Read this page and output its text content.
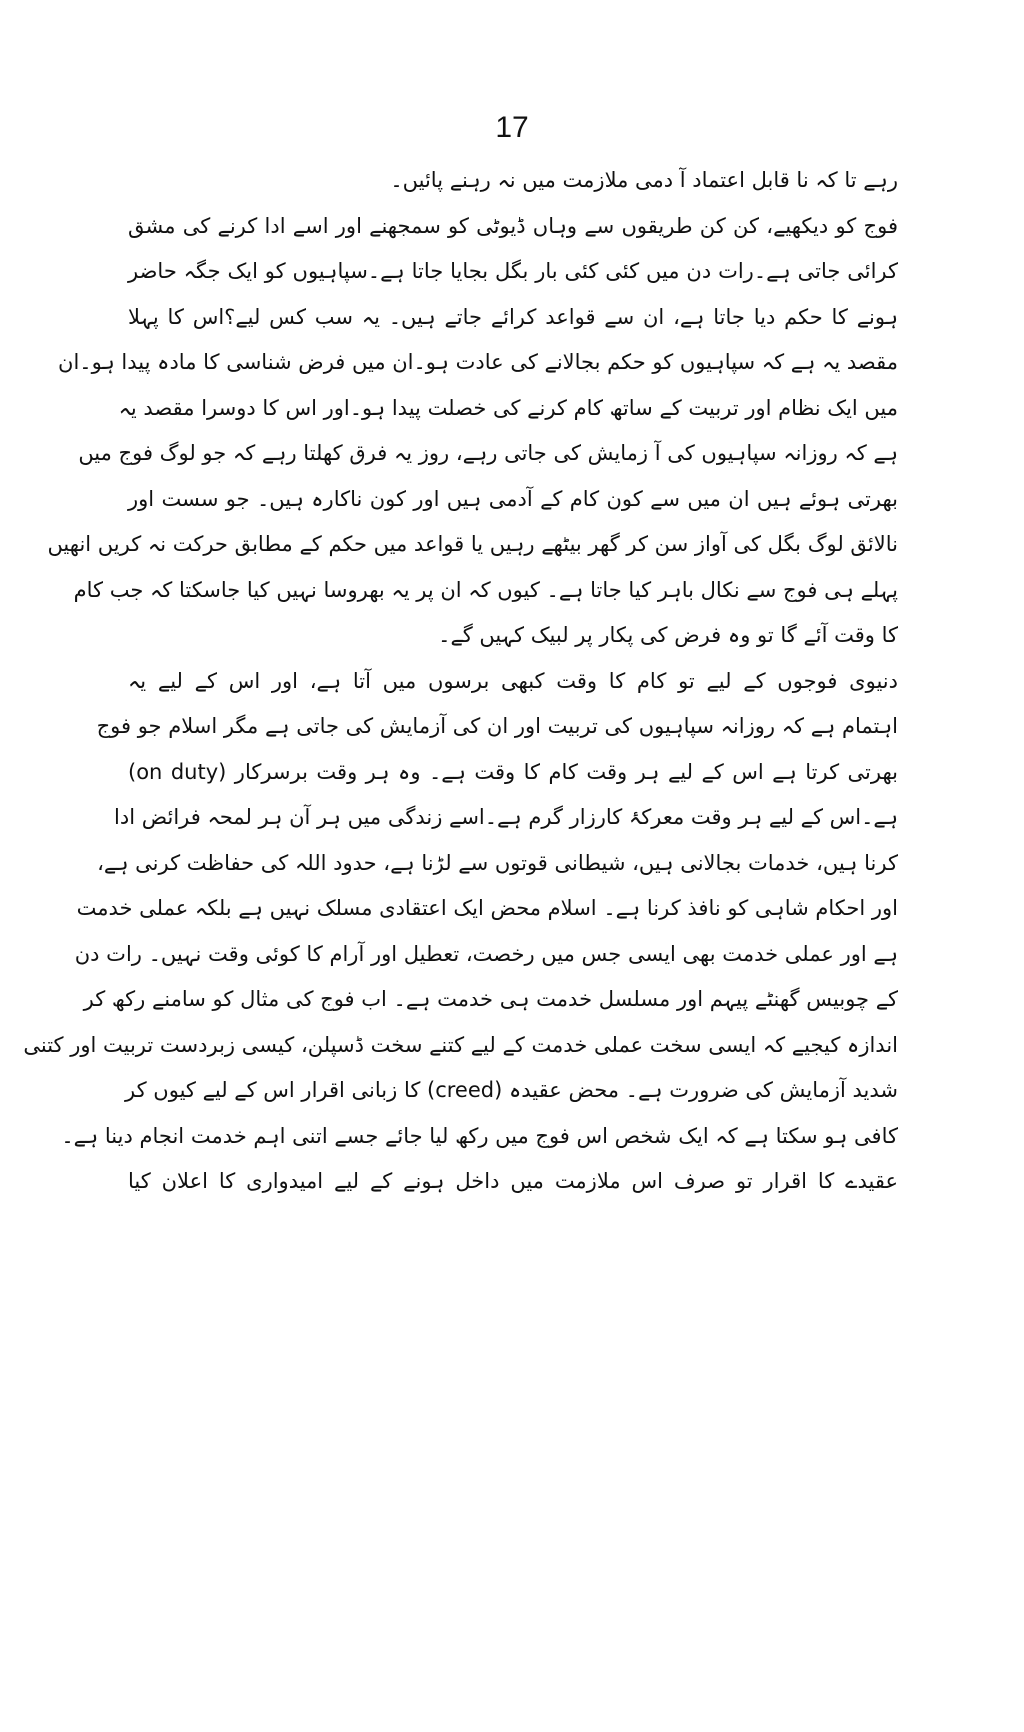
17
رہے تا کہ نا قابل اعتماد آ دمی ملازمت میں نہ رہنے پائیں۔
فوج کو دیکھیے، کن کن طریقوں سے وہاں ڈیوٹی کو سمجھنے اور اسے ادا کرنے کی مشق
کرائی جاتی ہے۔رات دن میں کئی کئی بار بگل بجایا جاتا ہے۔سپاہیوں کو ایک جگہ حاضر
ہونے کا حکم دیا جاتا ہے، ان سے قواعد کرائے جاتے ہیں۔ یہ سب کس لیے؟اس کا پہلا
مقصد یہ ہے کہ سپاہیوں کو حکم بجالانے کی عادت ہو۔ان میں فرض شناسی کا مادہ پیدا ہو۔ان
میں ایک نظام اور تربیت کے ساتھ کام کرنے کی خصلت پیدا ہو۔اور اس کا دوسرا مقصد یہ
ہے کہ روزانہ سپاہیوں کی آ زمایش کی جاتی رہے، روز یہ فرق کھلتا رہے کہ جو لوگ فوج میں
بھرتی ہوئے ہیں ان میں سے کون کام کے آدمی ہیں اور کون ناکارہ ہیں۔ جو سست اور
نالائق لوگ بگل کی آواز سن کر گھر بیٹھے رہیں یا قواعد میں حکم کے مطابق حرکت نہ کریں انھیں
پہلے ہی فوج سے نکال باہر کیا جاتا ہے۔ کیوں کہ ان پر یہ بھروسا نہیں کیا جاسکتا کہ جب کام
کا وقت آئے گا تو وہ فرض کی پکار پر لبیک کہیں گے۔
دنیوی فوجوں کے لیے تو کام کا وقت کبھی برسوں میں آتا ہے، اور اس کے لیے یہ
اہتمام ہے کہ روزانہ سپاہیوں کی تربیت اور ان کی آزمایش کی جاتی ہے مگر اسلام جو فوج
بھرتی کرتا ہے اس کے لیے ہر وقت کام کا وقت ہے۔ وہ ہر وقت برسرکار (on duty)
ہے۔اس کے لیے ہر وقت معرکۂ کارزار گرم ہے۔اسے زندگی میں ہر آن ہر لمحہ فرائض ادا
کرنا ہیں، خدمات بجالانی ہیں، شیطانی قوتوں سے لڑنا ہے، حدود اللہ کی حفاظت کرنی ہے،
اور احکام شاہی کو نافذ کرنا ہے۔ اسلام محض ایک اعتقادی مسلک نہیں ہے بلکہ عملی خدمت
ہے اور عملی خدمت بھی ایسی جس میں رخصت، تعطیل اور آرام کا کوئی وقت نہیں۔ رات دن
کے چوبیس گھنٹے پیہم اور مسلسل خدمت ہی خدمت ہے۔ اب فوج کی مثال کو سامنے رکھ کر
اندازہ کیجیے کہ ایسی سخت عملی خدمت کے لیے کتنے سخت ڈسپلن، کیسی زبردست تربیت اور کتنی
شدید آزمایش کی ضرورت ہے۔ محض عقیدہ (creed) کا زبانی اقرار اس کے لیے کیوں کر
کافی ہو سکتا ہے کہ ایک شخص اس فوج میں رکھ لیا جائے جسے اتنی اہم خدمت انجام دینا ہے۔
عقیدے کا اقرار تو صرف اس ملازمت میں داخل ہونے کے لیے امیدواری کا اعلان کیا
